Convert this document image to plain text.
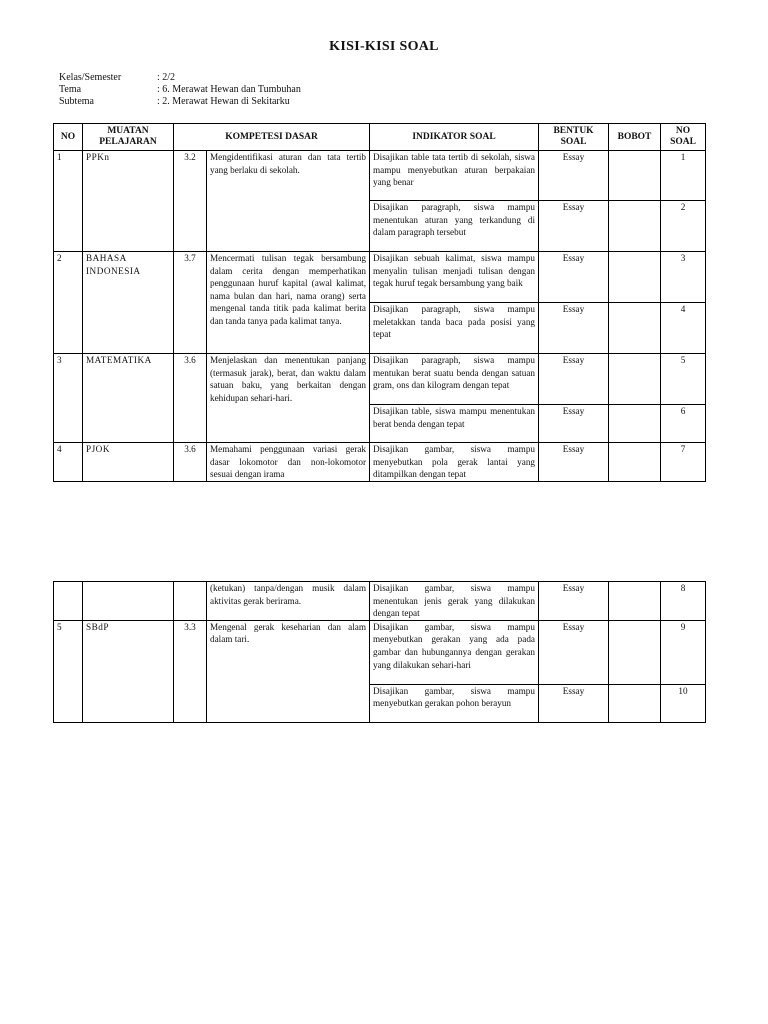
KISI-KISI SOAL
Kelas/Semester	: 2/2
Tema	: 6. Merawat Hewan dan Tumbuhan
Subtema	: 2. Merawat Hewan di Sekitarku
NO	MUATAN PELAJARAN	KOMPETESI DASAR		INDIKATOR SOAL	BENTUK SOAL	BOBOT	NO SOAL
1	PPKn	3.2	Mengidentifikasi aturan dan tata tertib yang berlaku di sekolah.	Disajikan table tata tertib di sekolah, siswa mampu menyebutkan aturan berpakaian yang benar	Essay		1
				Disajikan paragraph, siswa mampu menentukan aturan yang terkandung di dalam paragraph tersebut	Essay		2
2	BAHASA INDONESIA	3.7	Mencermati tulisan tegak bersambung dalam cerita dengan memperhatikan penggunaan huruf kapital (awal kalimat, nama bulan dan hari, nama orang) serta mengenal tanda titik pada kalimat berita dan tanda tanya pada kalimat tanya.	Disajikan sebuah kalimat, siswa mampu menyalin tulisan menjadi tulisan dengan tegak huruf tegak bersambung yang baik	Essay		3
				Disajikan paragraph, siswa mampu meletakkan tanda baca pada posisi yang tepat	Essay		4
3	MATEMATIKA	3.6	Menjelaskan dan menentukan panjang (termasuk jarak), berat, dan waktu dalam satuan baku, yang berkaitan dengan kehidupan sehari-hari.	Disajikan paragraph, siswa mampu mentukan berat suatu benda dengan satuan gram, ons dan kilogram dengan tepat	Essay		5
				Disajikan table, siswa mampu menentukan berat benda dengan tepat	Essay		6
4	PJOK	3.6	Memahami penggunaan variasi gerak dasar lokomotor dan non-lokomotor sesuai dengan irama	Disajikan gambar, siswa mampu menyebutkan pola gerak lantai yang ditampilkan dengan tepat	Essay		7
			(ketukan) tanpa/dengan musik dalam aktivitas gerak berirama.	Disajikan gambar, siswa mampu menentukan jenis gerak yang dilakukan dengan tepat	Essay		8
5	SBdP	3.3	Mengenal gerak keseharian dan alam dalam tari.	Disajikan gambar, siswa mampu menyebutkan gerakan yang ada pada gambar dan hubungannya dengan gerakan yang dilakukan sehari-hari	Essay		9
				Disajikan gambar, siswa mampu menyebutkan gerakan pohon berayun	Essay		10
